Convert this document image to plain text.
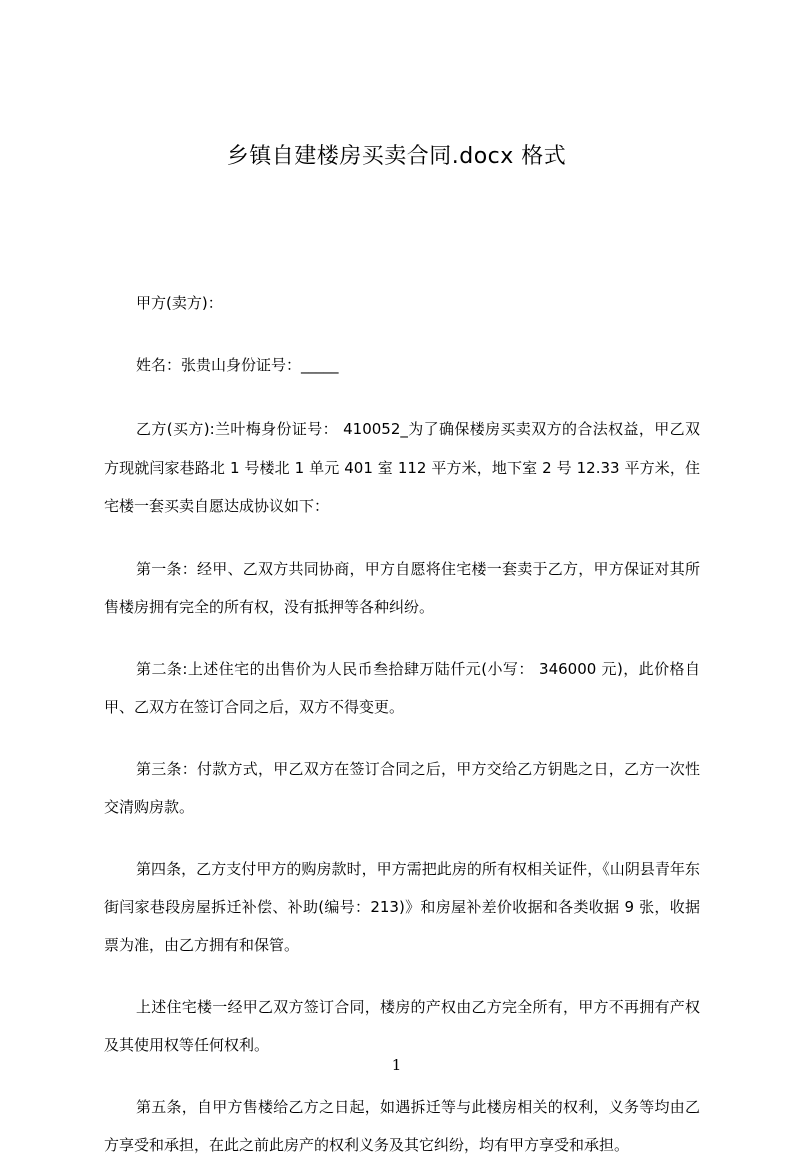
乡镇自建楼房买卖合同.docx 格式

甲方(卖方)：

姓名：张贵山身份证号：_____

乙方(买方):兰叶梅身份证号： 410052_为了确保楼房买卖双方的合法权益，甲乙双方现就闫家巷路北 1 号楼北 1 单元 401 室 112 平方米，地下室 2 号 12.33 平方米，住宅楼一套买卖自愿达成协议如下：

第一条：经甲、乙双方共同协商，甲方自愿将住宅楼一套卖于乙方，甲方保证对其所售楼房拥有完全的所有权，没有抵押等各种纠纷。

第二条:上述住宅的出售价为人民币叁拾肆万陆仟元(小写： 346000 元)，此价格自甲、乙双方在签订合同之后，双方不得变更。

第三条：付款方式，甲乙双方在签订合同之后，甲方交给乙方钥匙之日，乙方一次性交清购房款。

第四条，乙方支付甲方的购房款时，甲方需把此房的所有权相关证件，《山阴县青年东街闫家巷段房屋拆迁补偿、补助(编号：213)》和房屋补差价收据和各类收据 9 张，收据票为准，由乙方拥有和保管。

上述住宅楼一经甲乙双方签订合同，楼房的产权由乙方完全所有，甲方不再拥有产权及其使用权等任何权利。

第五条，自甲方售楼给乙方之日起，如遇拆迁等与此楼房相关的权利，义务等均由乙方享受和承担，在此之前此房产的权利义务及其它纠纷，均有甲方享受和承担。

1
